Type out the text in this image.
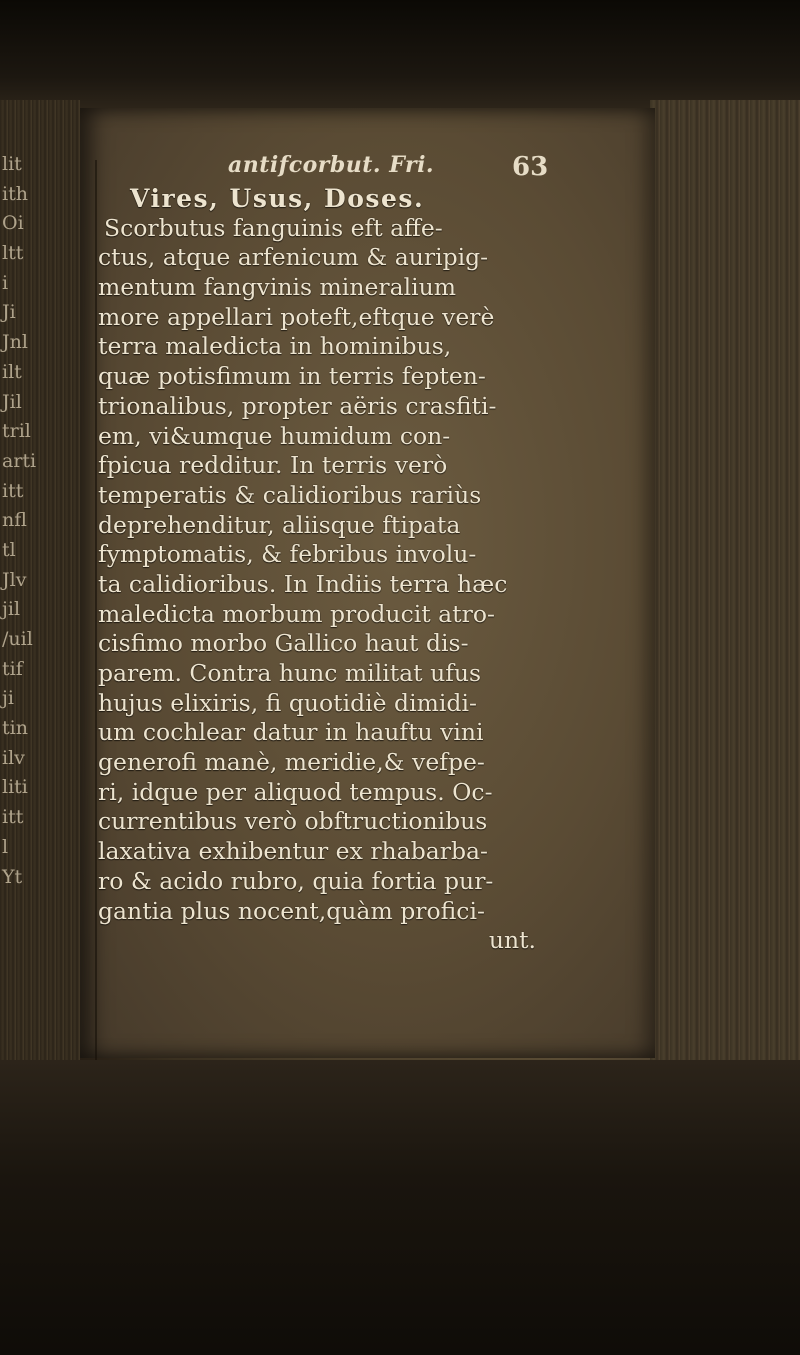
lit
ith
Oi
ltt
i
Ji
Jnl
ilt
Jil
tril
arti
itt
nfl
tl
Jlv
jil
/uil
tif
ji
tin
ilv
liti
itt
l
Yt
antifcorbut. Fri.	63
Vires, Usus, Doses.
Scorbutus fanguinis eft affe-
ctus, atque arfenicum & auripig-
mentum fangvinis mineralium
more appellari poteft,eftque verè
terra maledicta in hominibus,
quæ potisfimum in terris fepten-
trionalibus, propter aëris crasfiti-
em, vi&umque humidum con-
fpicua redditur. In terris verò
temperatis & calidioribus rariùs
deprehenditur, aliisque ftipata
fymptomatis, & febribus involu-
ta calidioribus. In Indiis terra hæc
maledicta morbum producit atro-
cisfimo morbo Gallico haut dis-
parem. Contra hunc militat ufus
hujus elixiris, fi quotidiè dimidi-
um cochlear datur in hauftu vini
generofi manè, meridie,& vefpe-
ri, idque per aliquod tempus. Oc-
currentibus verò obftructionibus
laxativa exhibentur ex rhabarba-
ro & acido rubro, quia fortia pur-
gantia plus nocent,quàm profici-
unt.
